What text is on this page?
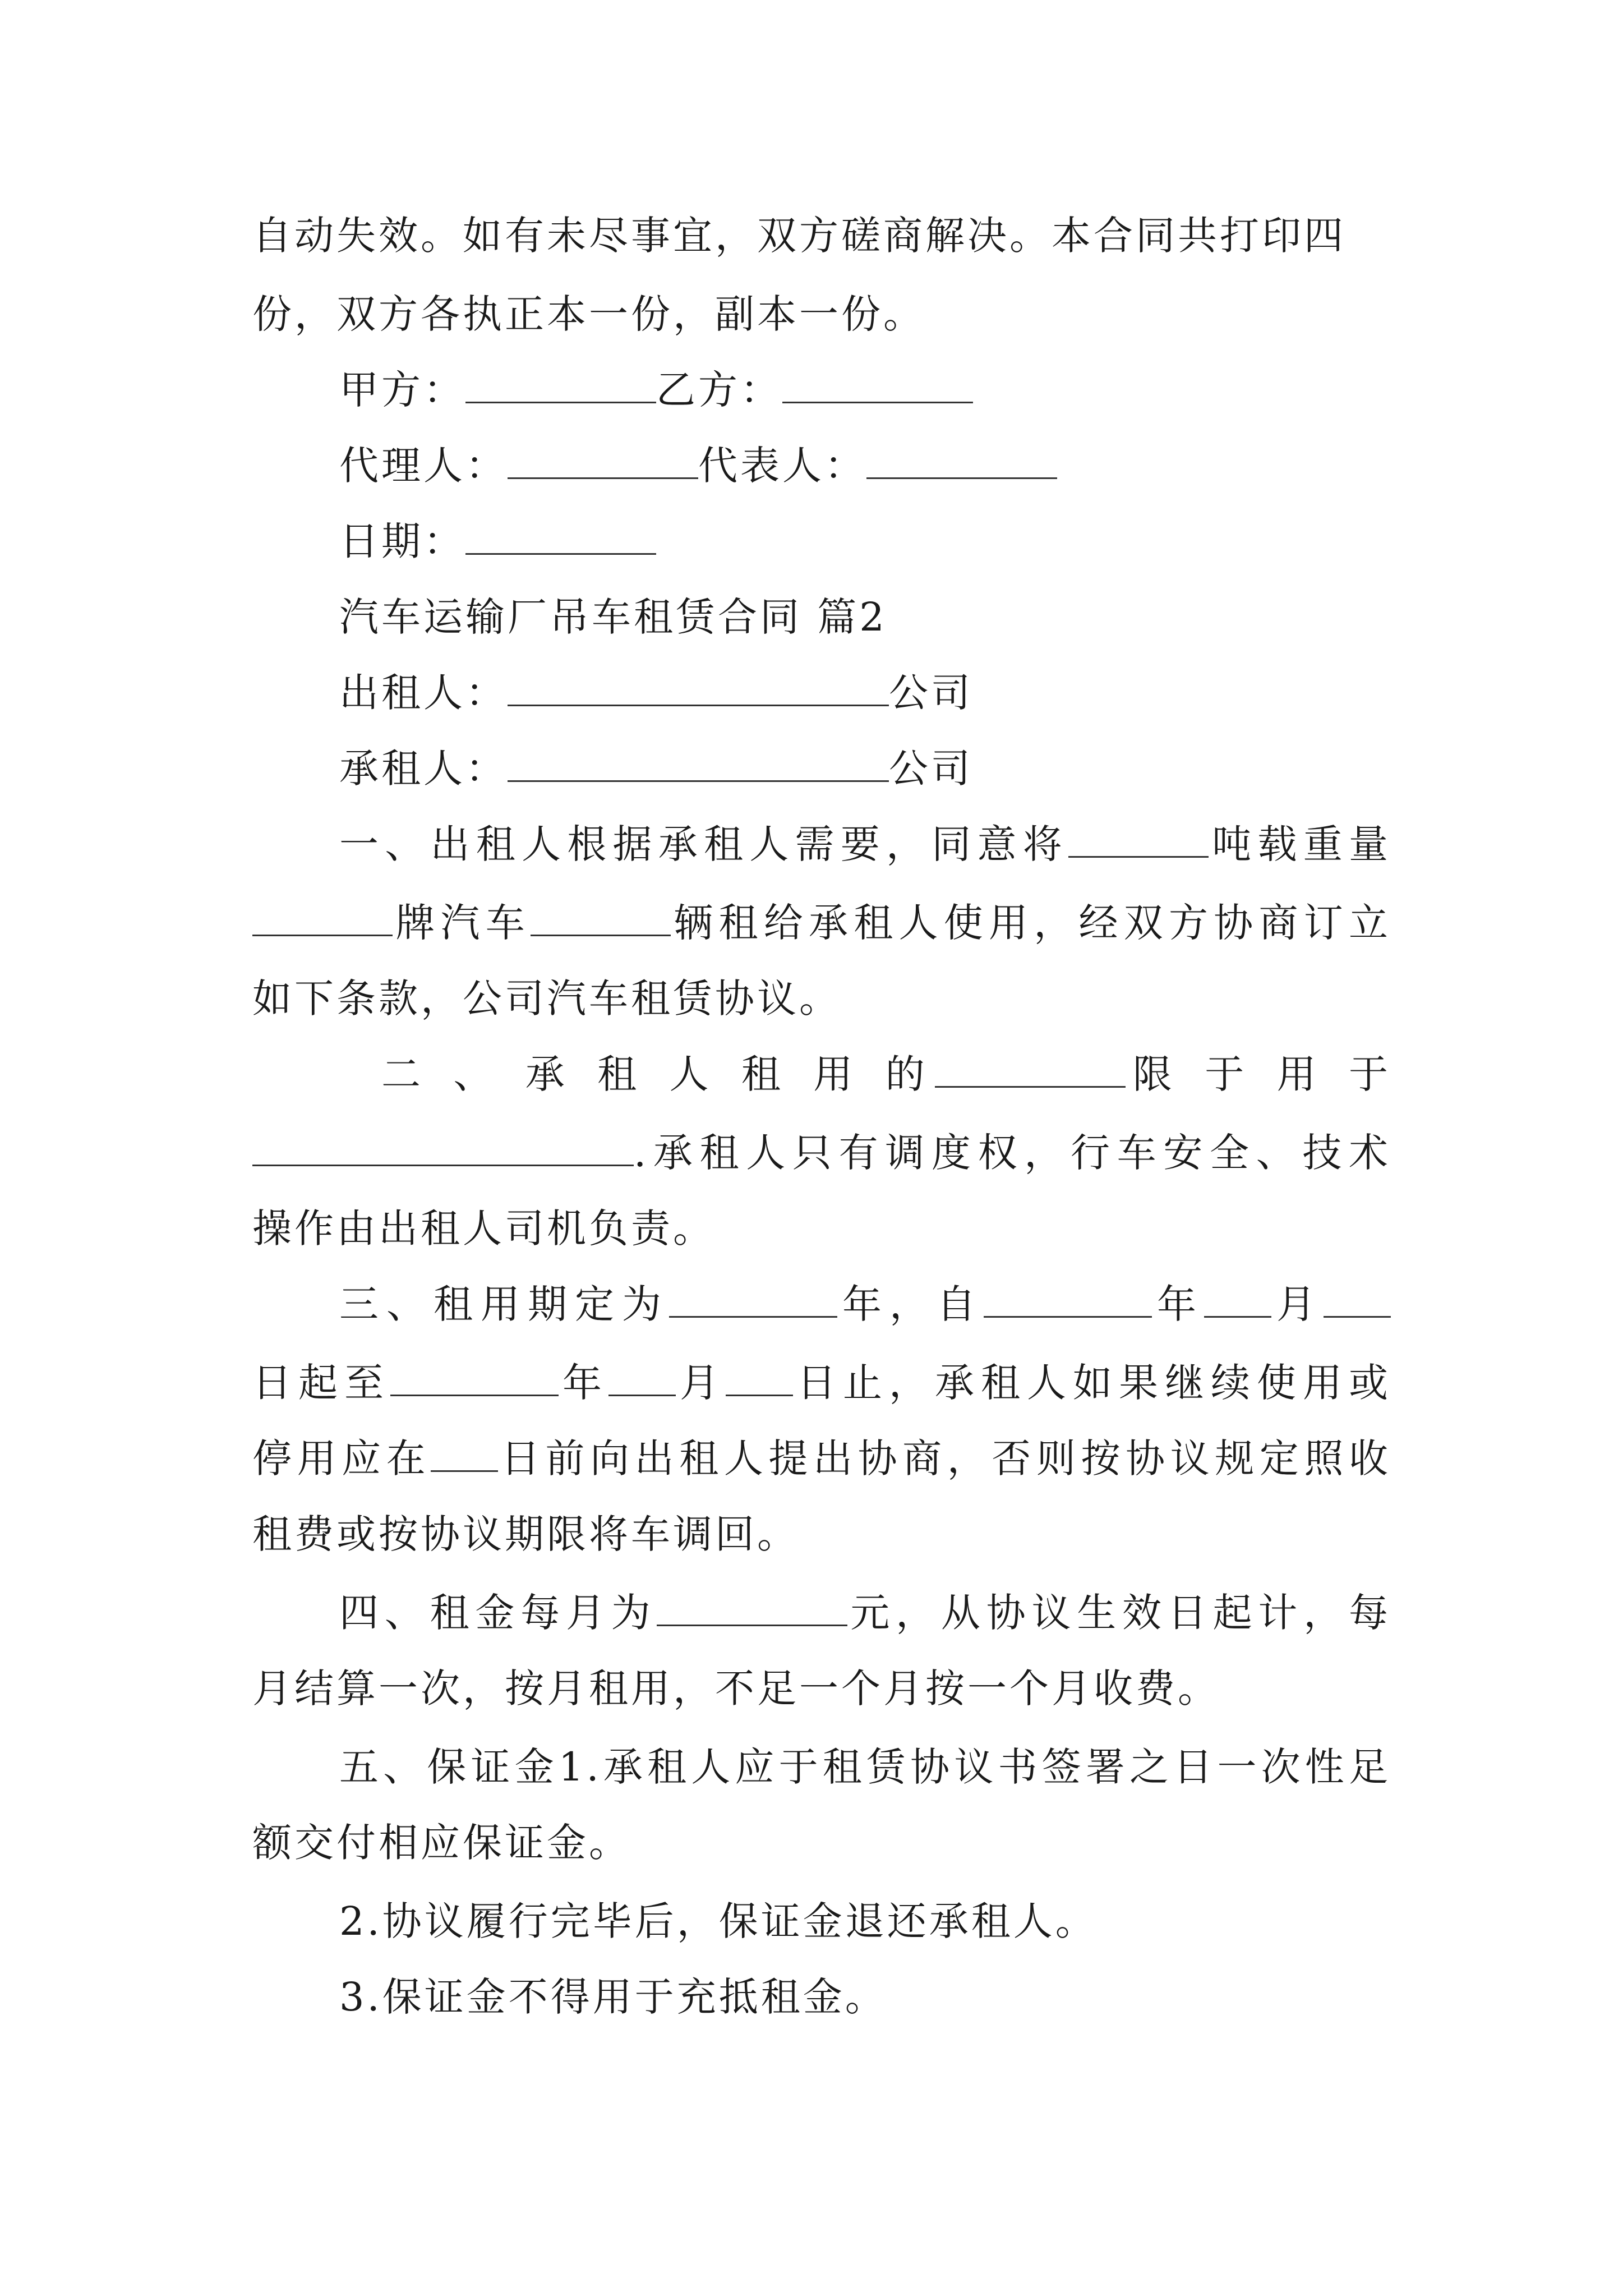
自动失效。如有未尽事宜，双方磋商解决。本合同共打印四
份，双方各执正本一份，副本一份。
甲方：	乙方：
代理人：	代表人：
日期：
汽车运输厂吊车租赁合同 篇2
出租人：	公司
承租人：	公司
一、出租人根据承租人需要，同意将	吨载重量
牌汽车	辆租给承租人使用，经双方协商订立
如下条款，公司汽车租赁协议。
二 、 承 租 人 租 用 的	限 于 用 于
.承租人只有调度权，行车安全、技术
操作由出租人司机负责。
三、租用期定为	年，自	年 月
日起至	年 月 日止，承租人如果继续使用或
停用应在 日前向出租人提出协商，否则按协议规定照收
租费或按协议期限将车调回。
四、租金每月为	元，从协议生效日起计，每
月结算一次，按月租用，不足一个月按一个月收费。
五、保证金1.承租人应于租赁协议书签署之日一次性足
额交付相应保证金。
2.协议履行完毕后，保证金退还承租人。
3.保证金不得用于充抵租金。
